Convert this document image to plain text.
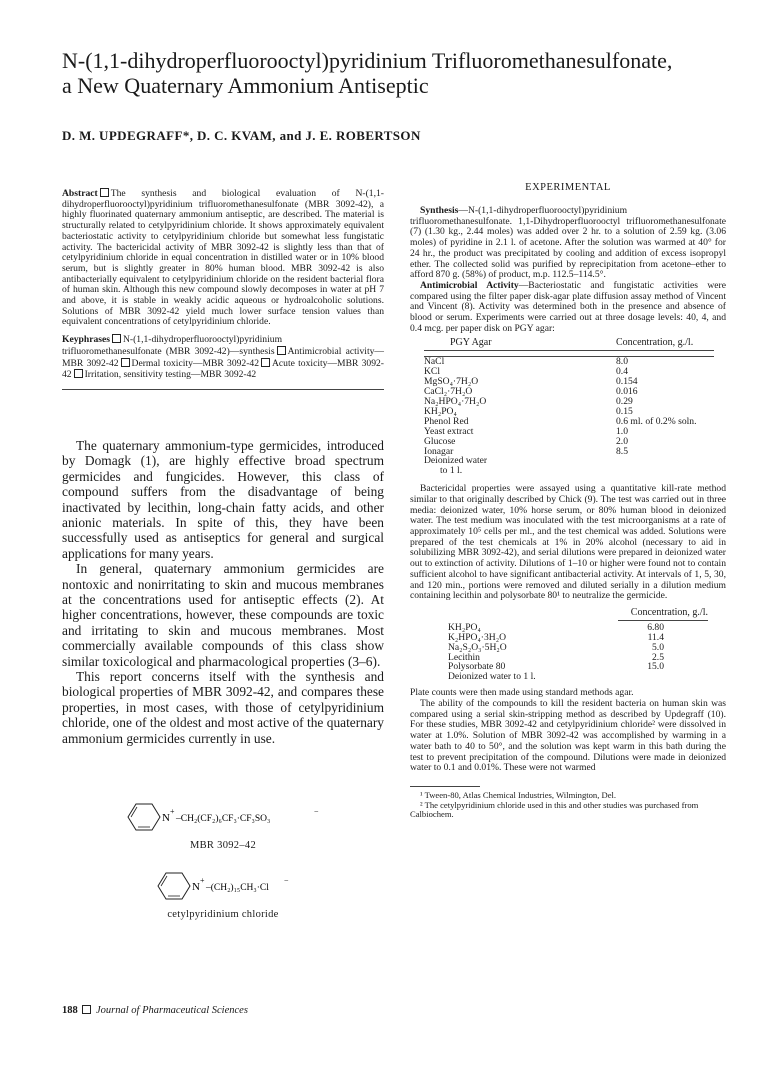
N-(1,1-dihydroperfluorooctyl)pyridinium Trifluoromethanesulfonate,
a New Quaternary Ammonium Antiseptic

D. M. UPDEGRAFF*, D. C. KVAM, and J. E. ROBERTSON

Abstract The synthesis and biological evaluation of N-(1,1-dihydroperfluorooctyl)pyridinium trifluoromethanesulfonate (MBR 3092-42), a highly fluorinated quaternary ammonium antiseptic, are described. The material is structurally related to cetylpyridinium chloride. It shows approximately equivalent bacteriostatic activity to cetylpyridinium chloride but somewhat less fungistatic activity. The bactericidal activity of MBR 3092-42 is slightly less than that of cetylpyridinium chloride in equal concentration in distilled water or in 10% blood serum, but is slightly greater in 80% human blood. MBR 3092-42 is also antibacterially equivalent to cetylpyridinium chloride on the resident bacterial flora of human skin. Although this new compound slowly decomposes in water at pH 7 and above, it is stable in weakly acidic aqueous or hydroalcoholic solutions. Solutions of MBR 3092-42 yield much lower surface tension values than equivalent concentrations of cetylpyridinium chloride.

Keyphrases N-(1,1-dihydroperfluorooctyl)pyridinium trifluoromethanesulfonate (MBR 3092-42)—synthesis Antimicrobial activity—MBR 3092-42 Dermal toxicity—MBR 3092-42 Acute toxicity—MBR 3092-42 Irritation, sensitivity testing—MBR 3092-42

The quaternary ammonium-type germicides, introduced by Domagk (1), are highly effective broad spectrum germicides and fungicides. However, this class of compound suffers from the disadvantage of being inactivated by lecithin, long-chain fatty acids, and other anionic materials. In spite of this, they have been successfully used as antiseptics for general and surgical applications for many years.

In general, quaternary ammonium germicides are nontoxic and nonirritating to skin and mucous membranes at the concentrations used for antiseptic effects (2). At higher concentrations, however, these compounds are toxic and irritating to skin and mucous membranes. Most commercially available compounds of this class show similar toxicological and pharmacological properties (3–6).

This report concerns itself with the synthesis and biological properties of MBR 3092-42, and compares these properties, in most cases, with those of cetylpyridinium chloride, one of the oldest and most active of the quaternary ammonium germicides currently in use.

N
+
–CH₂(CF₂)₆CF₃·CF₃SO₃
−
MBR 3092–42
N
+
–(CH₂)₁₅CH₃·Cl
−
cetylpyridinium chloride

EXPERIMENTAL

Synthesis—N-(1,1-dihydroperfluorooctyl)pyridinium trifluoromethanesulfonate. 1,1-Dihydroperfluorooctyl trifluoromethanesulfonate (7) (1.30 kg., 2.44 moles) was added over 2 hr. to a solution of 2.59 kg. (3.06 moles) of pyridine in 2.1 l. of acetone. After the solution was warmed at 40° for 24 hr., the product was precipitated by cooling and addition of excess isopropyl ether. The collected solid was purified by reprecipitation from acetone–ether to afford 870 g. (58%) of product, m.p. 112.5–114.5°.

Antimicrobial Activity—Bacteriostatic and fungistatic activities were compared using the filter paper disk-agar plate diffusion assay method of Vincent and Vincent (8). Activity was determined both in the presence and absence of blood or serum. Experiments were carried out at three dosage levels: 40, 4, and 0.4 mcg. per paper disk on PGY agar:

PGY Agar	Concentration, g./l.

NaCl	8.0
KCl	0.4
MgSO₄·7H₂O	0.154
CaCl₂·7H₂O	0.016
Na₂HPO₄·7H₂O	0.29
KH₂PO₄	0.15
Phenol Red	0.6 ml. of 0.2% soln.
Yeast extract	1.0
Glucose	2.0
Ionagar	8.5
Deionized water	
to 1 l.	

Bactericidal properties were assayed using a quantitative kill-rate method similar to that originally described by Chick (9). The test was carried out in three media: deionized water, 10% horse serum, or 80% human blood in deionized water. The test medium was inoculated with the test microorganisms at a rate of approximately 10⁵ cells per ml., and the test chemical was added. Solutions were prepared of the test chemicals at 1% in 20% alcohol (necessary to aid in solubilizing MBR 3092-42), and serial dilutions were prepared in deionized water out to extinction of activity. Dilutions of 1–10 or higher were found not to contain sufficient alcohol to have significant antibacterial activity. At intervals of 1, 5, 30, and 120 min., portions were removed and diluted serially in a dilution medium containing lecithin and polysorbate 80¹ to neutralize the germicide.

	Concentration, g./l.

KH₂PO₄	6.80
K₂HPO₄·3H₂O	11.4
Na₂S₂O₃·5H₂O	5.0
Lecithin	2.5
Polysorbate 80	15.0
Deionized water to 1 l.	

Plate counts were then made using standard methods agar.

The ability of the compounds to kill the resident bacteria on human skin was compared using a serial skin-stripping method as described by Updegraff (10). For these studies, MBR 3092-42 and cetylpyridinium chloride² were dissolved in water at 1.0%. Solution of MBR 3092-42 was accomplished by warming in a water bath to 40 to 50°, and the solution was kept warm in this bath during the test to prevent precipitation of the compound. Dilutions were made in deionized water to 0.1 and 0.01%. These were not warmed

¹ Tween-80, Atlas Chemical Industries, Wilmington, Del.

² The cetylpyridinium chloride used in this and other studies was purchased from Calbiochem.

188 Journal of Pharmaceutical Sciences
